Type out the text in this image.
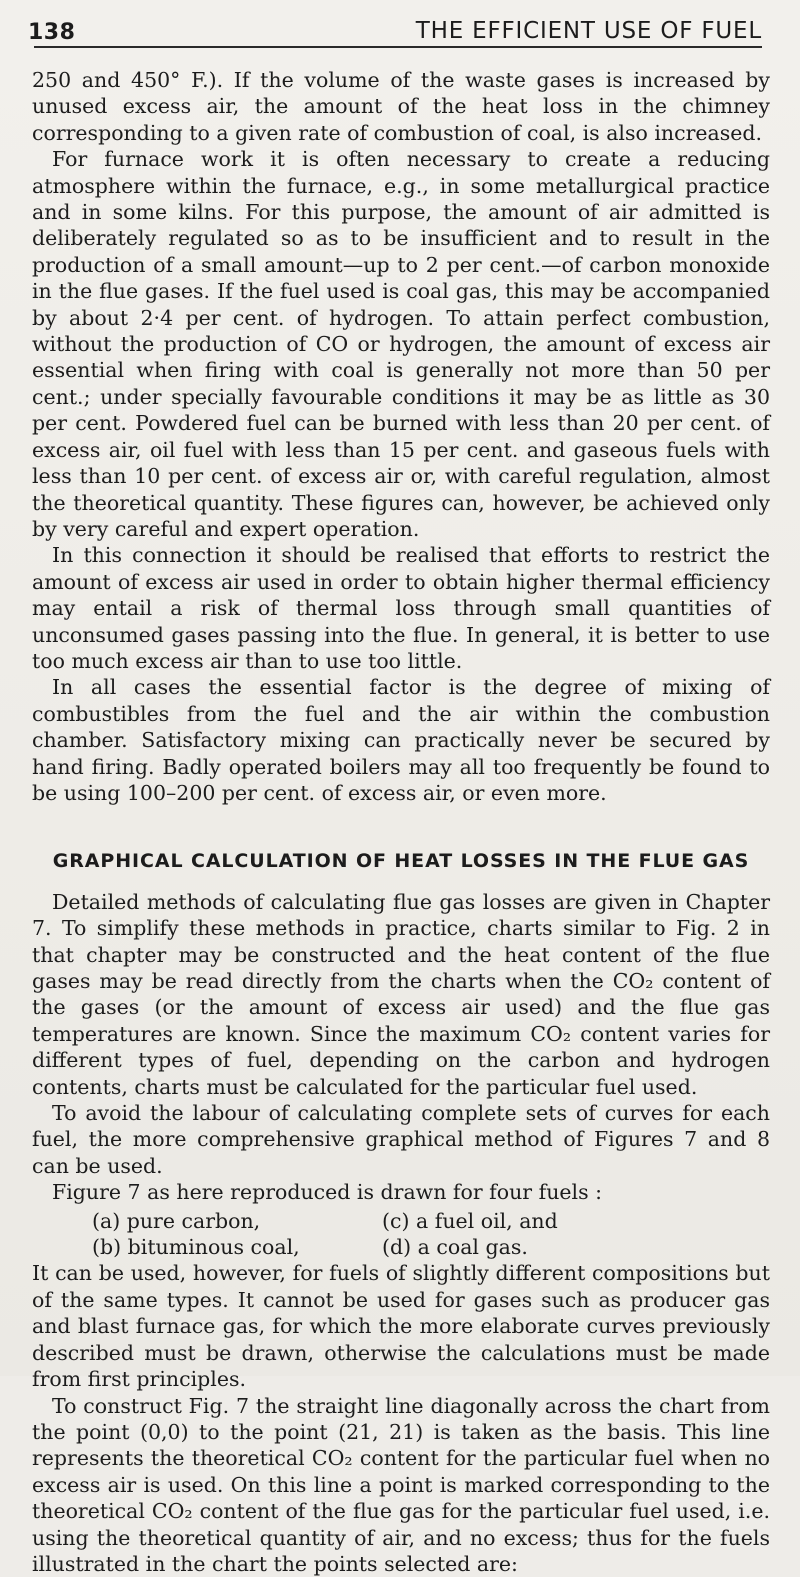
138	THE EFFICIENT USE OF FUEL

250 and 450° F.). If the volume of the waste gases is increased by unused excess air, the amount of the heat loss in the chimney corresponding to a given rate of combustion of coal, is also increased.

For furnace work it is often necessary to create a reducing atmosphere within the furnace, e.g., in some metallurgical practice and in some kilns. For this purpose, the amount of air admitted is deliberately regulated so as to be insufficient and to result in the production of a small amount—up to 2 per cent.—of carbon monoxide in the flue gases. If the fuel used is coal gas, this may be accompanied by about 2·4 per cent. of hydrogen. To attain perfect combustion, without the production of CO or hydrogen, the amount of excess air essential when firing with coal is generally not more than 50 per cent.; under specially favourable conditions it may be as little as 30 per cent. Powdered fuel can be burned with less than 20 per cent. of excess air, oil fuel with less than 15 per cent. and gaseous fuels with less than 10 per cent. of excess air or, with careful regulation, almost the theoretical quantity. These figures can, however, be achieved only by very careful and expert operation.

In this connection it should be realised that efforts to restrict the amount of excess air used in order to obtain higher thermal efficiency may entail a risk of thermal loss through small quantities of unconsumed gases passing into the flue. In general, it is better to use too much excess air than to use too little.

In all cases the essential factor is the degree of mixing of combustibles from the fuel and the air within the combustion chamber. Satisfactory mixing can practically never be secured by hand firing. Badly operated boilers may all too frequently be found to be using 100–200 per cent. of excess air, or even more.

GRAPHICAL CALCULATION OF HEAT LOSSES IN THE FLUE GAS

Detailed methods of calculating flue gas losses are given in Chapter 7. To simplify these methods in practice, charts similar to Fig. 2 in that chapter may be constructed and the heat content of the flue gases may be read directly from the charts when the CO₂ content of the gases (or the amount of excess air used) and the flue gas temperatures are known. Since the maximum CO₂ content varies for different types of fuel, depending on the carbon and hydrogen contents, charts must be calculated for the particular fuel used.

To avoid the labour of calculating complete sets of curves for each fuel, the more comprehensive graphical method of Figures 7 and 8 can be used.

Figure 7 as here reproduced is drawn for four fuels :

(a) pure carbon,	(c) a fuel oil, and
(b) bituminous coal,	(d) a coal gas.

It can be used, however, for fuels of slightly different compositions but of the same types. It cannot be used for gases such as producer gas and blast furnace gas, for which the more elaborate curves previously described must be drawn, otherwise the calculations must be made from first principles.

To construct Fig. 7 the straight line diagonally across the chart from the point (0,0) to the point (21, 21) is taken as the basis. This line represents the theoretical CO₂ content for the particular fuel when no excess air is used. On this line a point is marked corresponding to the theoretical CO₂ content of the flue gas for the particular fuel used, i.e. using the theoretical quantity of air, and no excess; thus for the fuels illustrated in the chart the points selected are:
